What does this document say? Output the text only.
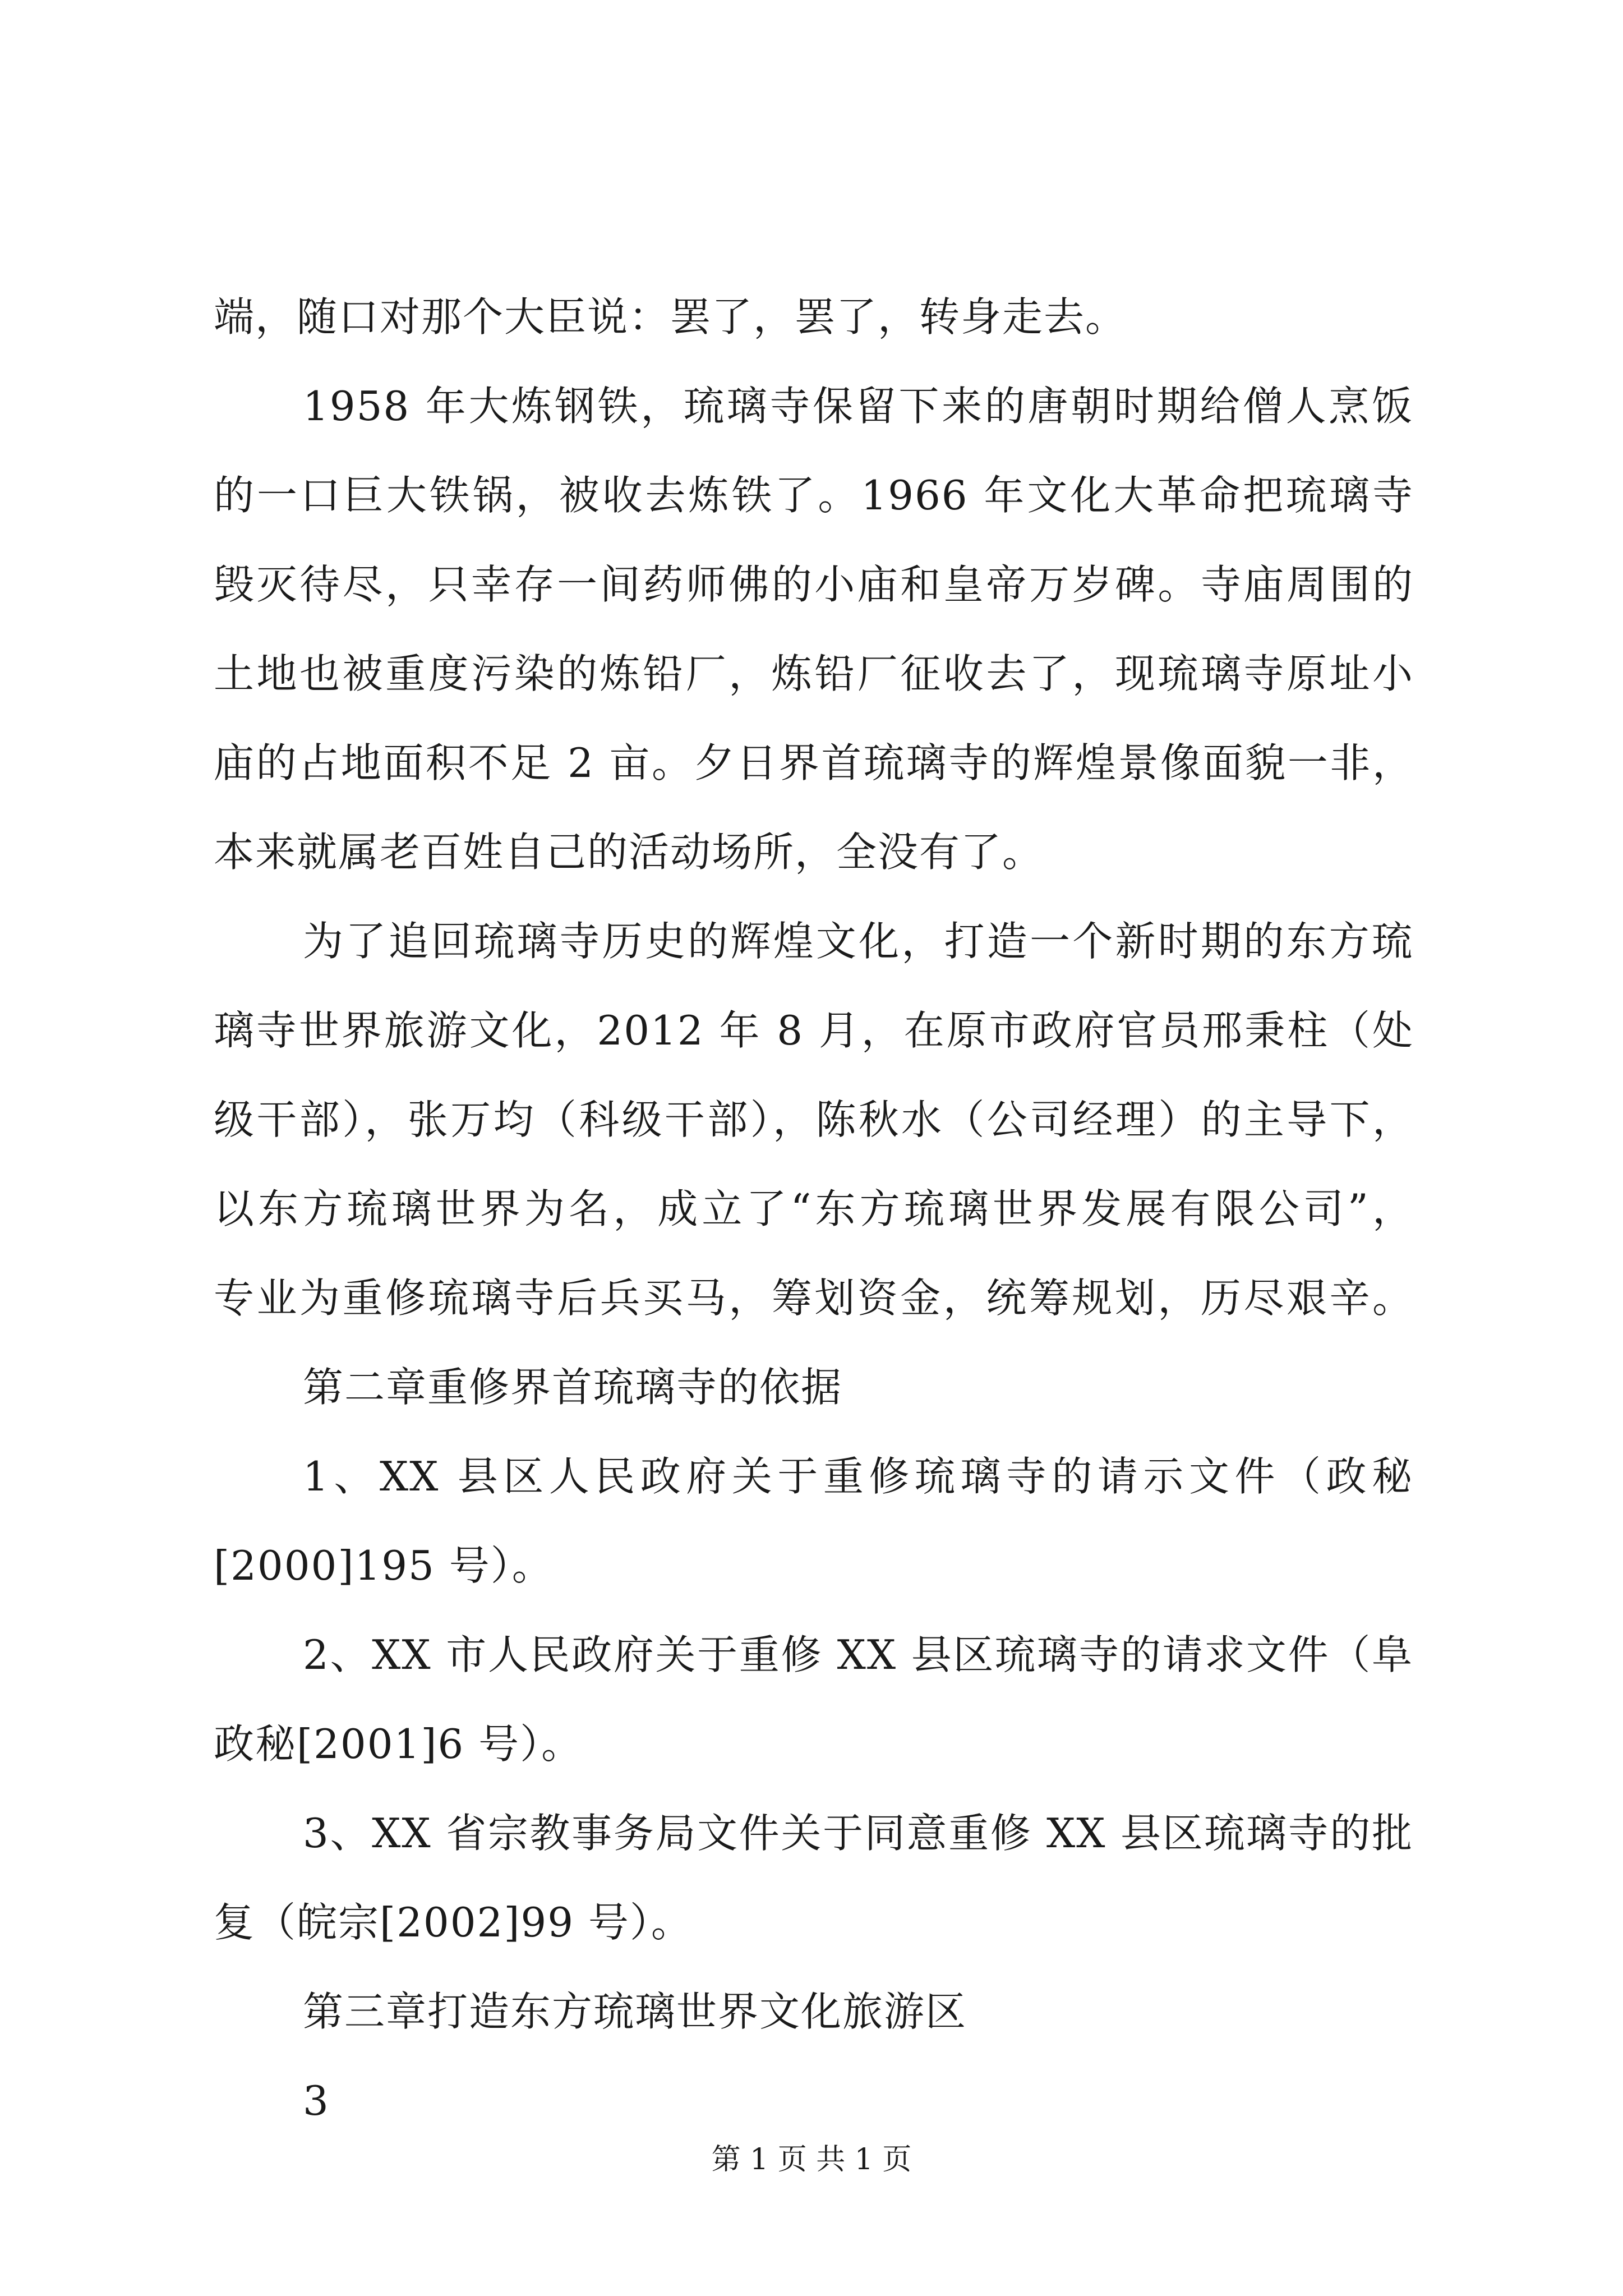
端，随口对那个大臣说：罢了，罢了，转身走去。

1958 年大炼钢铁，琉璃寺保留下来的唐朝时期给僧人烹饭

的一口巨大铁锅，被收去炼铁了。1966 年文化大革命把琉璃寺

毁灭待尽，只幸存一间药师佛的小庙和皇帝万岁碑。寺庙周围的

土地也被重度污染的炼铅厂，炼铅厂征收去了，现琉璃寺原址小

庙的占地面积不足 2 亩。夕日界首琉璃寺的辉煌景像面貌一非，

本来就属老百姓自己的活动场所，全没有了。

为了追回琉璃寺历史的辉煌文化，打造一个新时期的东方琉

璃寺世界旅游文化，2012 年 8 月，在原市政府官员邢秉柱（处

级干部），张万均（科级干部），陈秋水（公司经理）的主导下，

以东方琉璃世界为名，成立了“东方琉璃世界发展有限公司”，

专业为重修琉璃寺后兵买马，筹划资金，统筹规划，历尽艰辛。

第二章重修界首琉璃寺的依据

1、XX 县区人民政府关于重修琉璃寺的请示文件（政秘

[2000]195 号）。

2、XX 市人民政府关于重修 XX 县区琉璃寺的请求文件（阜

政秘[2001]6 号）。

3、XX 省宗教事务局文件关于同意重修 XX 县区琉璃寺的批

复（皖宗[2002]99 号）。

第三章打造东方琉璃世界文化旅游区

3

第 1 页 共 1 页
